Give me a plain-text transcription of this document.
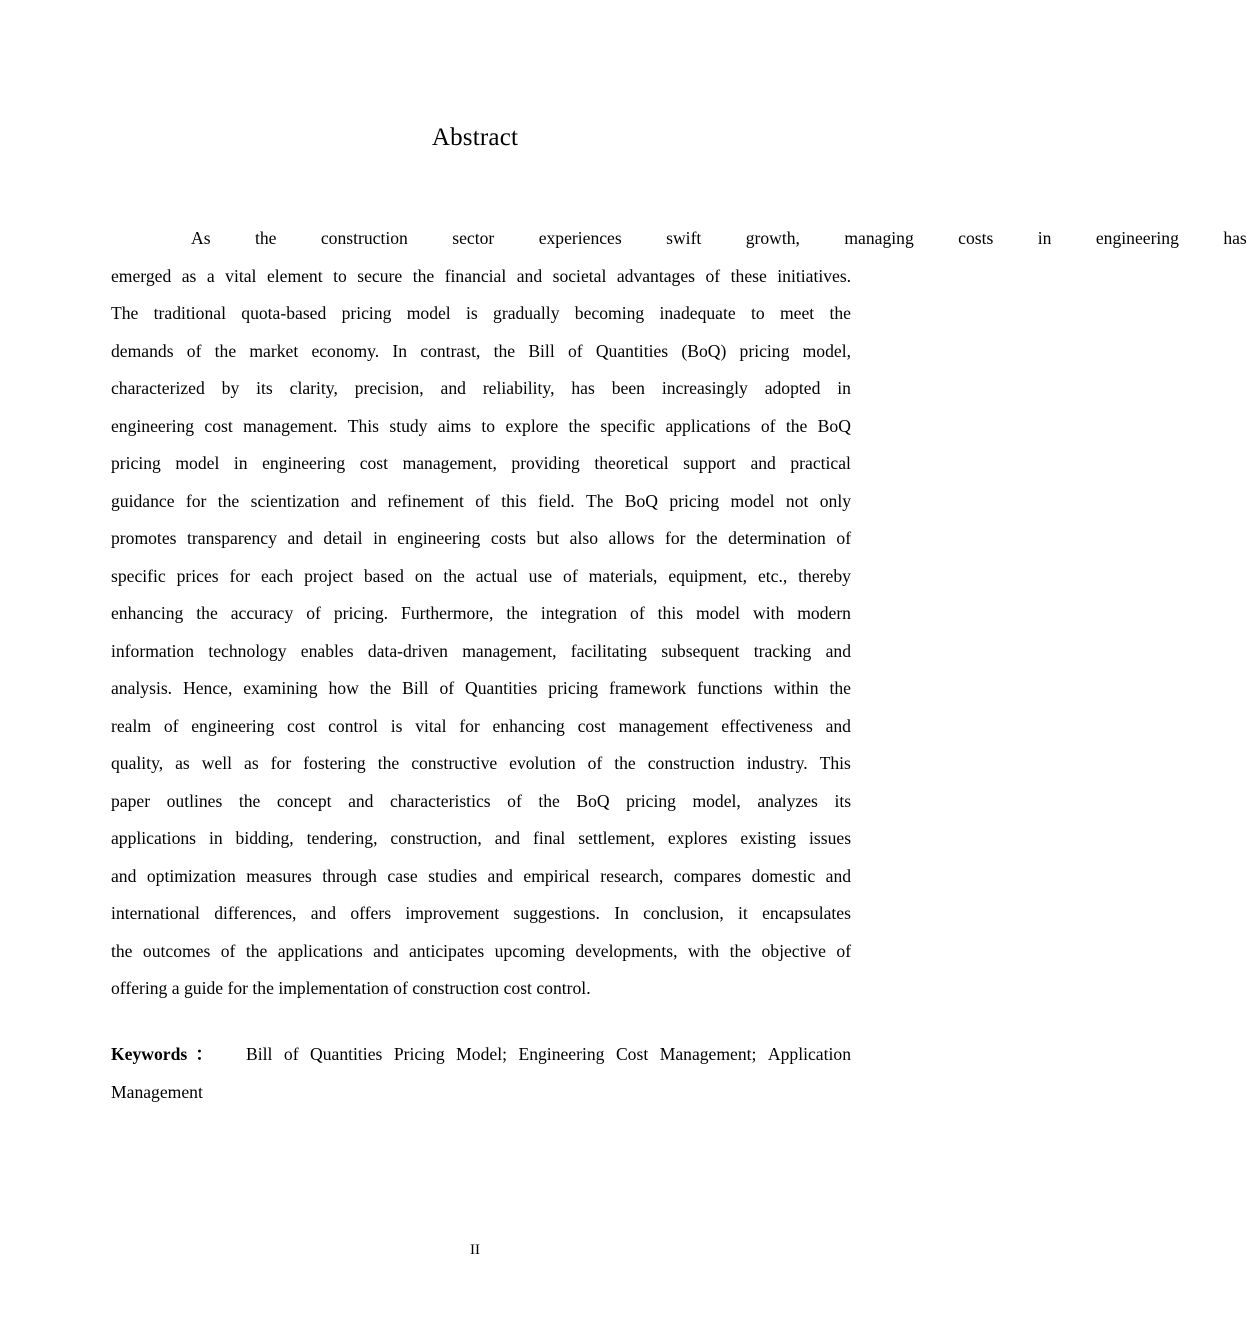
Abstract
As	the	construction	sector	experiences	swift	growth,	managing	costs	in	engineering	has
emerged as a vital element to secure the financial and societal advantages of these initiatives.
The traditional quota-based pricing model is gradually becoming inadequate to meet the
demands of the market economy. In contrast, the Bill of Quantities (BoQ) pricing model,
characterized by its clarity, precision, and reliability, has been increasingly adopted in
engineering cost management. This study aims to explore the specific applications of the BoQ
pricing model in engineering cost management, providing theoretical support and practical
guidance for the scientization and refinement of this field. The BoQ pricing model not only
promotes transparency and detail in engineering costs but also allows for the determination of
specific prices for each project based on the actual use of materials, equipment, etc., thereby
enhancing the accuracy of pricing. Furthermore, the integration of this model with modern
information technology enables data-driven management, facilitating subsequent tracking and
analysis. Hence, examining how the Bill of Quantities pricing framework functions within the
realm of engineering cost control is vital for enhancing cost management effectiveness and
quality, as well as for fostering the constructive evolution of the construction industry. This
paper outlines the concept and characteristics of the BoQ pricing model, analyzes its
applications in bidding, tendering, construction, and final settlement, explores existing issues
and optimization measures through case studies and empirical research, compares domestic and
international differences, and offers improvement suggestions. In conclusion, it encapsulates
the outcomes of the applications and anticipates upcoming developments, with the objective of
offering a guide for the implementation of construction cost control.
Keywords： Bill of Quantities Pricing Model; Engineering Cost Management; Application
Management
II
